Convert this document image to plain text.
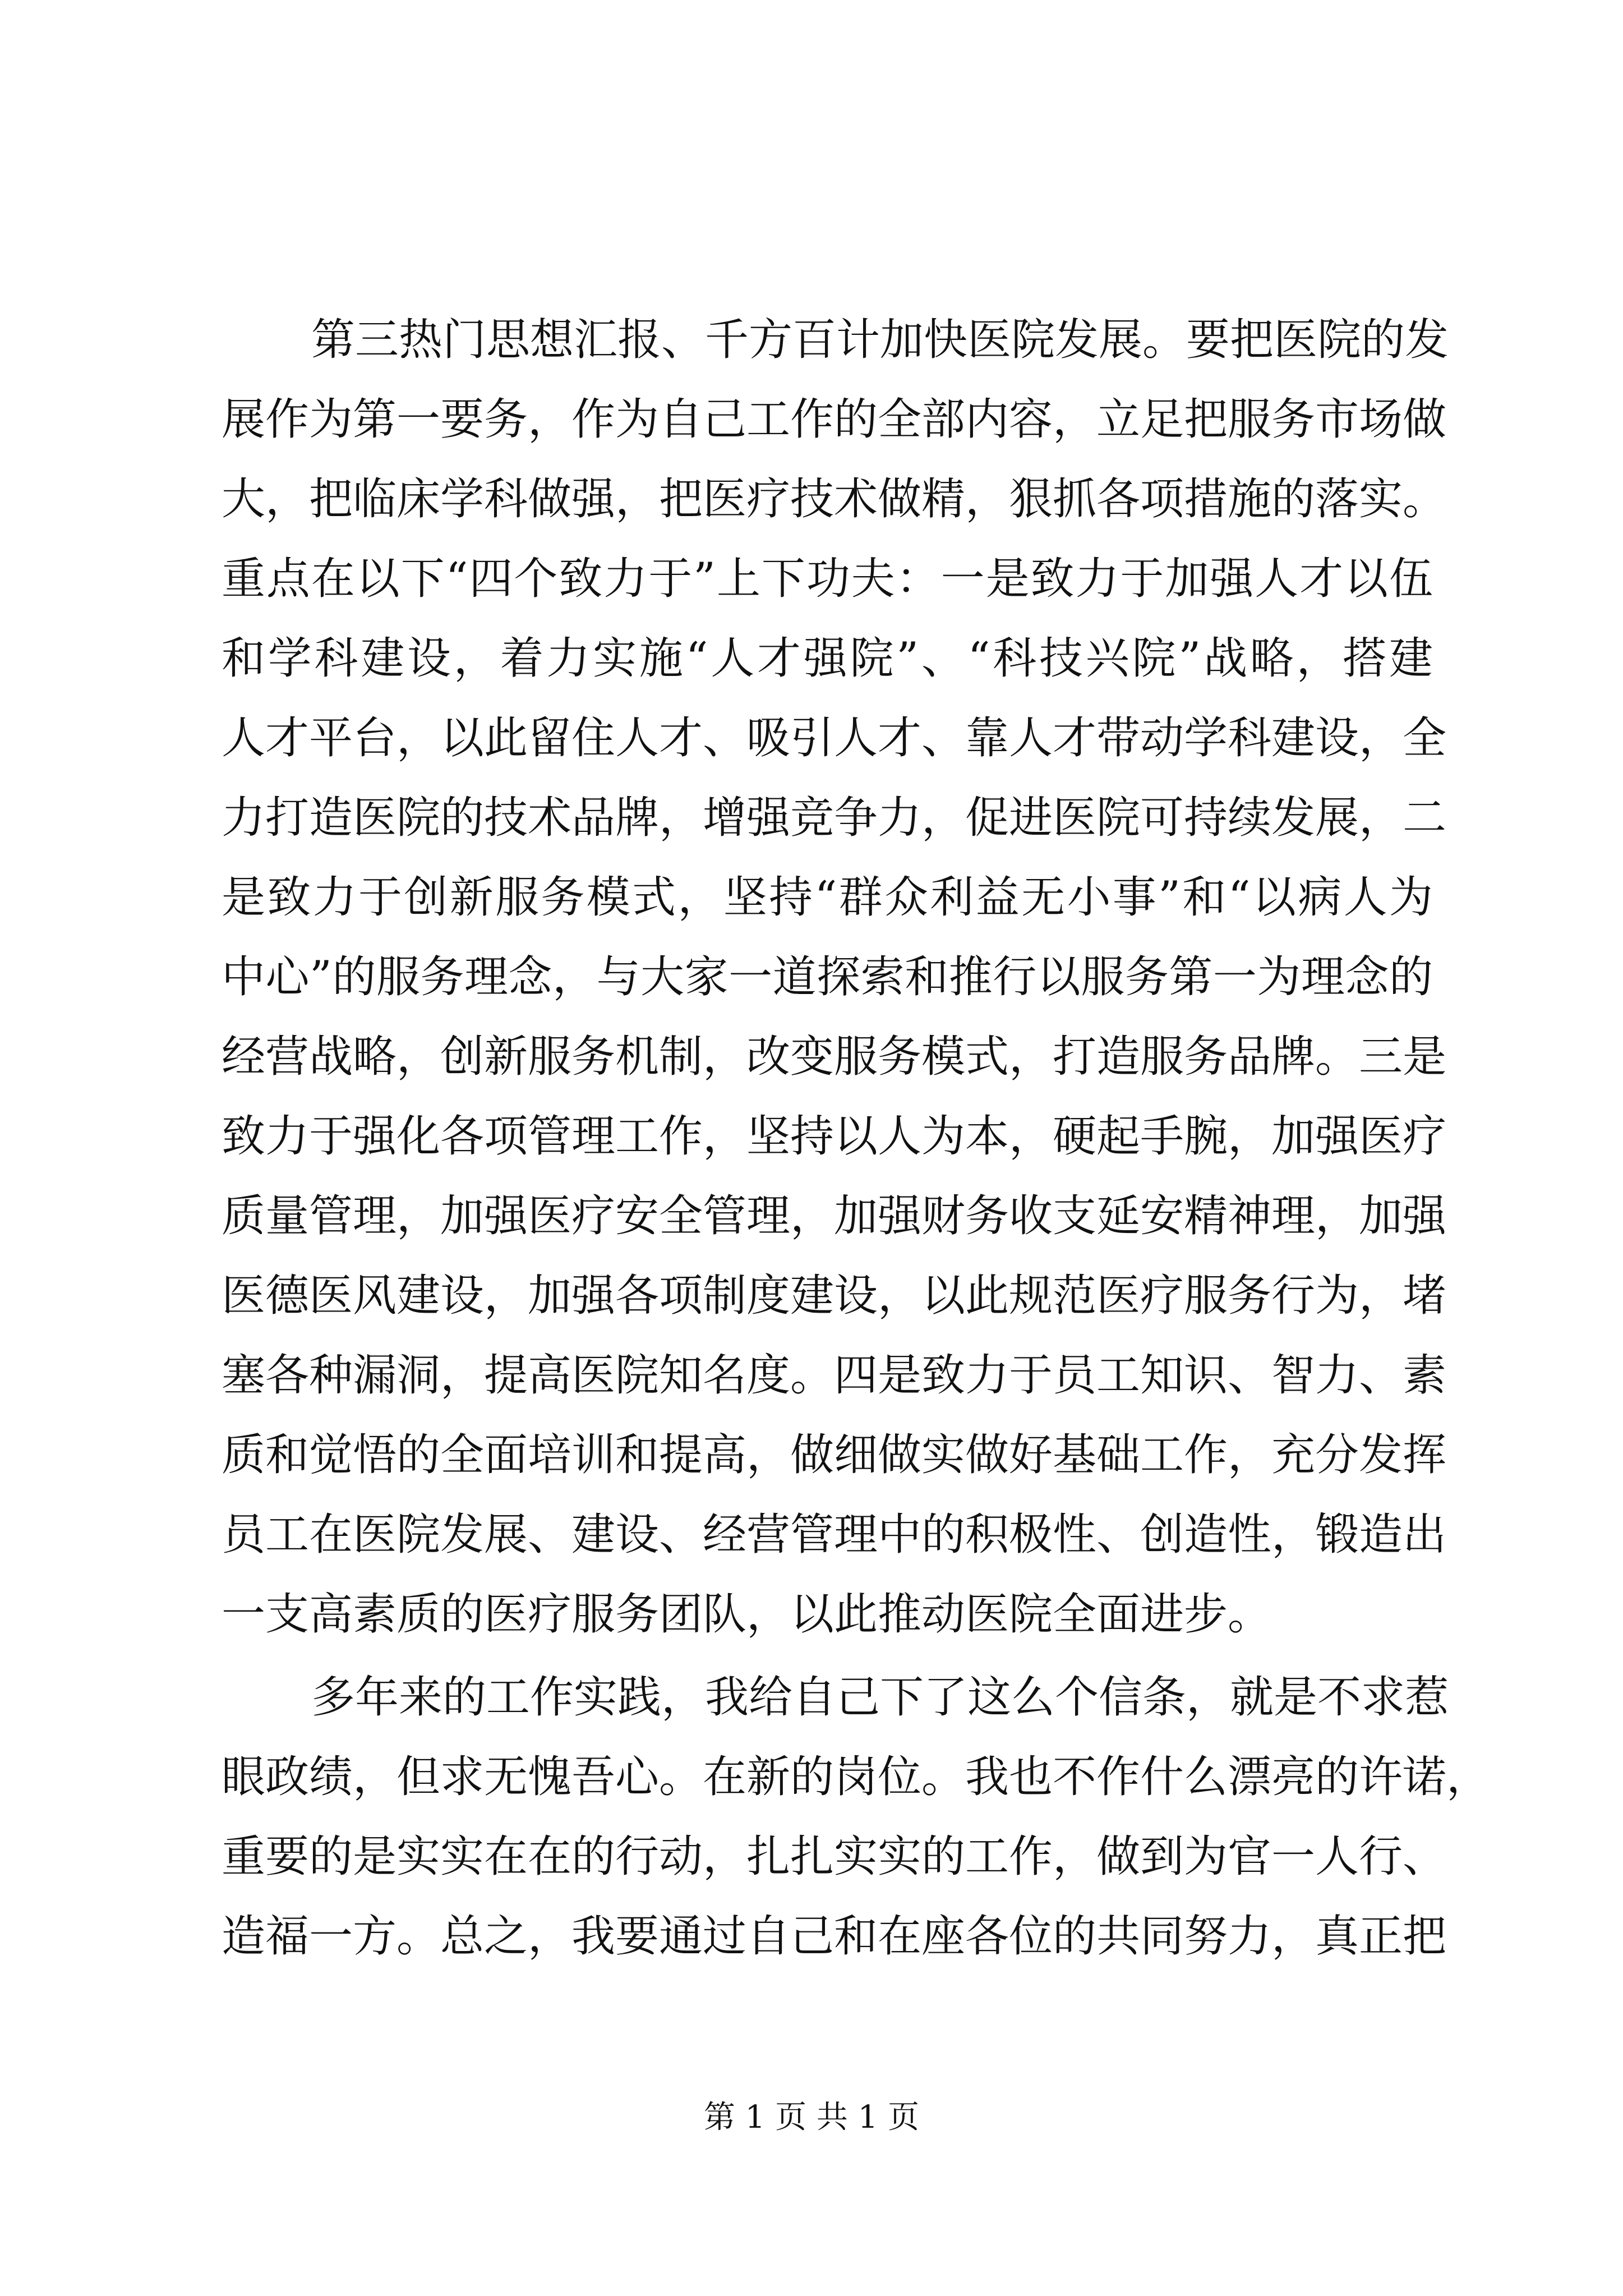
第三热门思想汇报、千方百计加快医院发展。要把医院的发
展作为第一要务，作为自己工作的全部内容，立足把服务市场做
大，把临床学科做强，把医疗技术做精，狠抓各项措施的落实。
重点在以下“四个致力于”上下功夫：一是致力于加强人才以伍
和学科建设，着力实施“人才强院”、“科技兴院”战略，搭建
人才平台，以此留住人才、吸引人才、靠人才带动学科建设，全
力打造医院的技术品牌，增强竞争力，促进医院可持续发展，二
是致力于创新服务模式，坚持“群众利益无小事”和“以病人为
中心”的服务理念，与大家一道探索和推行以服务第一为理念的
经营战略，创新服务机制，改变服务模式，打造服务品牌。三是
致力于强化各项管理工作，坚持以人为本，硬起手腕，加强医疗
质量管理，加强医疗安全管理，加强财务收支延安精神理，加强
医德医风建设，加强各项制度建设，以此规范医疗服务行为，堵
塞各种漏洞，提高医院知名度。四是致力于员工知识、智力、素
质和觉悟的全面培训和提高，做细做实做好基础工作，充分发挥
员工在医院发展、建设、经营管理中的积极性、创造性，锻造出
一支高素质的医疗服务团队，以此推动医院全面进步。
多年来的工作实践，我给自己下了这么个信条，就是不求惹
眼政绩，但求无愧吾心。在新的岗位。我也不作什么漂亮的许诺，
重要的是实实在在的行动，扎扎实实的工作，做到为官一人行、
造福一方。总之，我要通过自己和在座各位的共同努力，真正把
第 1 页 共 1 页
